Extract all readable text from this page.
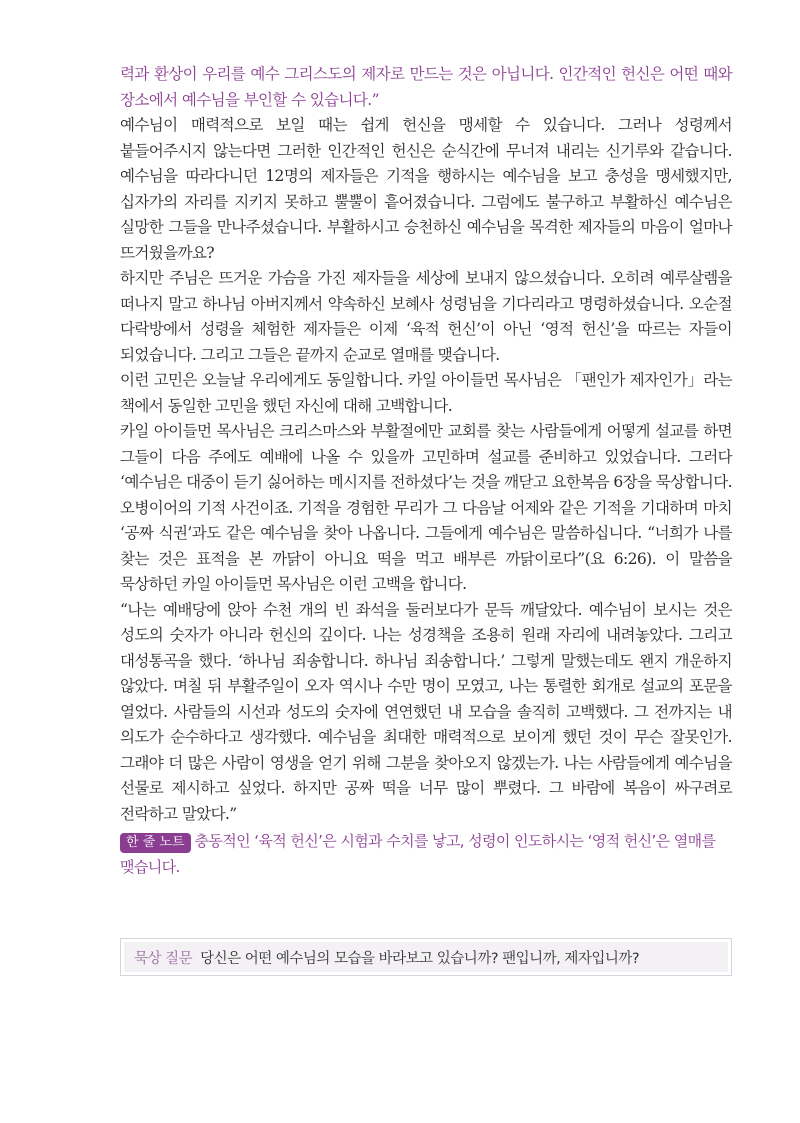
력과 환상이 우리를 예수 그리스도의 제자로 만드는 것은 아닙니다. 인간적인 헌신은 어떤 때와 장소에서 예수님을 부인할 수 있습니다.”

예수님이 매력적으로 보일 때는 쉽게 헌신을 맹세할 수 있습니다. 그러나 성령께서 붙들어주시지 않는다면 그러한 인간적인 헌신은 순식간에 무너져 내리는 신기루와 같습니다. 예수님을 따라다니던 12명의 제자들은 기적을 행하시는 예수님을 보고 충성을 맹세했지만, 십자가의 자리를 지키지 못하고 뿔뿔이 흩어졌습니다. 그럼에도 불구하고 부활하신 예수님은 실망한 그들을 만나주셨습니다. 부활하시고 승천하신 예수님을 목격한 제자들의 마음이 얼마나 뜨거웠을까요?

하지만 주님은 뜨거운 가슴을 가진 제자들을 세상에 보내지 않으셨습니다. 오히려 예루살렘을 떠나지 말고 하나님 아버지께서 약속하신 보혜사 성령님을 기다리라고 명령하셨습니다. 오순절 다락방에서 성령을 체험한 제자들은 이제 ‘육적 헌신’이 아닌 ‘영적 헌신’을 따르는 자들이 되었습니다. 그리고 그들은 끝까지 순교로 열매를 맺습니다.

이런 고민은 오늘날 우리에게도 동일합니다. 카일 아이들먼 목사님은 「팬인가 제자인가」라는 책에서 동일한 고민을 했던 자신에 대해 고백합니다.

카일 아이들먼 목사님은 크리스마스와 부활절에만 교회를 찾는 사람들에게 어떻게 설교를 하면 그들이 다음 주에도 예배에 나올 수 있을까 고민하며 설교를 준비하고 있었습니다. 그러다 ‘예수님은 대중이 듣기 싫어하는 메시지를 전하셨다’는 것을 깨닫고 요한복음 6장을 묵상합니다. 오병이어의 기적 사건이죠. 기적을 경험한 무리가 그 다음날 어제와 같은 기적을 기대하며 마치 ‘공짜 식권’과도 같은 예수님을 찾아 나옵니다. 그들에게 예수님은 말씀하십니다. “너희가 나를 찾는 것은 표적을 본 까닭이 아니요 떡을 먹고 배부른 까닭이로다”(요 6:26). 이 말씀을 묵상하던 카일 아이들먼 목사님은 이런 고백을 합니다.

“나는 예배당에 앉아 수천 개의 빈 좌석을 둘러보다가 문득 깨달았다. 예수님이 보시는 것은 성도의 숫자가 아니라 헌신의 깊이다. 나는 성경책을 조용히 원래 자리에 내려놓았다. 그리고 대성통곡을 했다. ‘하나님 죄송합니다. 하나님 죄송합니다.’ 그렇게 말했는데도 왠지 개운하지 않았다. 며칠 뒤 부활주일이 오자 역시나 수만 명이 모였고, 나는 통렬한 회개로 설교의 포문을 열었다. 사람들의 시선과 성도의 숫자에 연연했던 내 모습을 솔직히 고백했다. 그 전까지는 내 의도가 순수하다고 생각했다. 예수님을 최대한 매력적으로 보이게 했던 것이 무슨 잘못인가. 그래야 더 많은 사람이 영생을 얻기 위해 그분을 찾아오지 않겠는가. 나는 사람들에게 예수님을 선물로 제시하고 싶었다. 하지만 공짜 떡을 너무 많이 뿌렸다. 그 바람에 복음이 싸구려로 전락하고 말았다.”

한 줄 노트 충동적인 ‘육적 헌신’은 시험과 수치를 낳고, 성령이 인도하시는 ‘영적 헌신’은 열매를 맺습니다.
묵상 질문 당신은 어떤 예수님의 모습을 바라보고 있습니까? 팬입니까, 제자입니까?
